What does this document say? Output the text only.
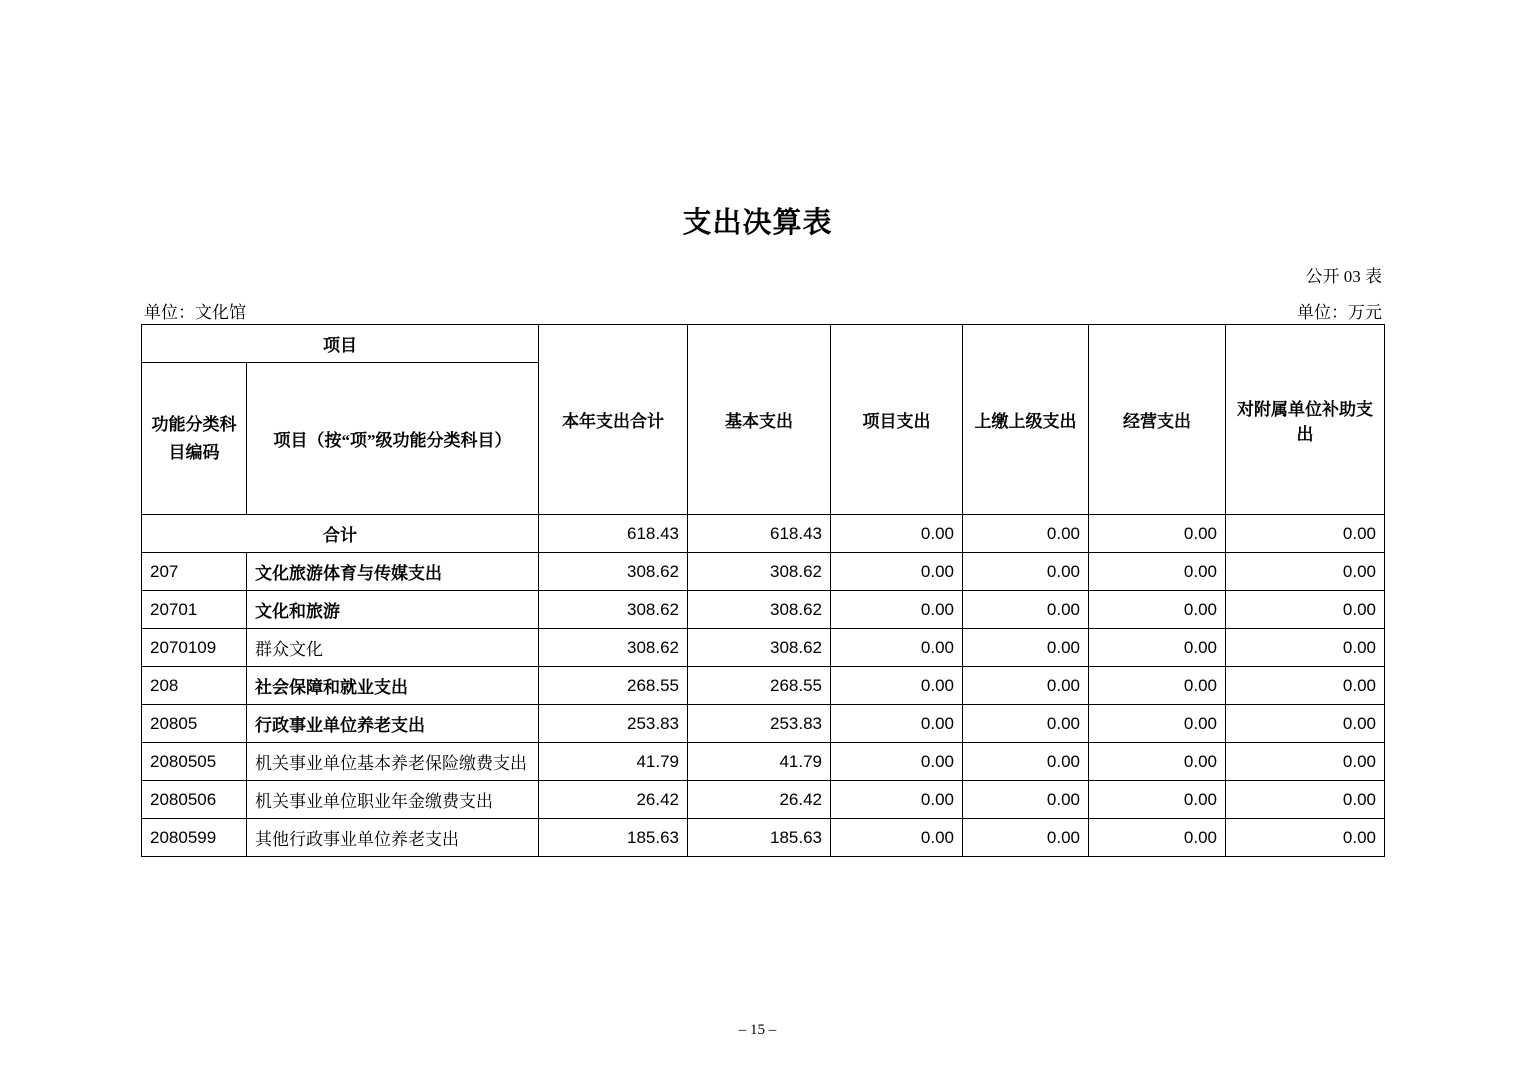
支出决算表
公开 03 表
单位：文化馆	单位：万元
项目		本年支出合计	基本支出	项目支出	上缴上级支出	经营支出	对附属单位补助支出
功能分类科目编码	项目（按“项”级功能分类科目）						
合计		618.43	618.43	0.00	0.00	0.00	0.00
207	文化旅游体育与传媒支出	308.62	308.62	0.00	0.00	0.00	0.00
20701	文化和旅游	308.62	308.62	0.00	0.00	0.00	0.00
2070109	群众文化	308.62	308.62	0.00	0.00	0.00	0.00
208	社会保障和就业支出	268.55	268.55	0.00	0.00	0.00	0.00
20805	行政事业单位养老支出	253.83	253.83	0.00	0.00	0.00	0.00
2080505	机关事业单位基本养老保险缴费支出	41.79	41.79	0.00	0.00	0.00	0.00
2080506	机关事业单位职业年金缴费支出	26.42	26.42	0.00	0.00	0.00	0.00
2080599	其他行政事业单位养老支出	185.63	185.63	0.00	0.00	0.00	0.00
– 15 –
